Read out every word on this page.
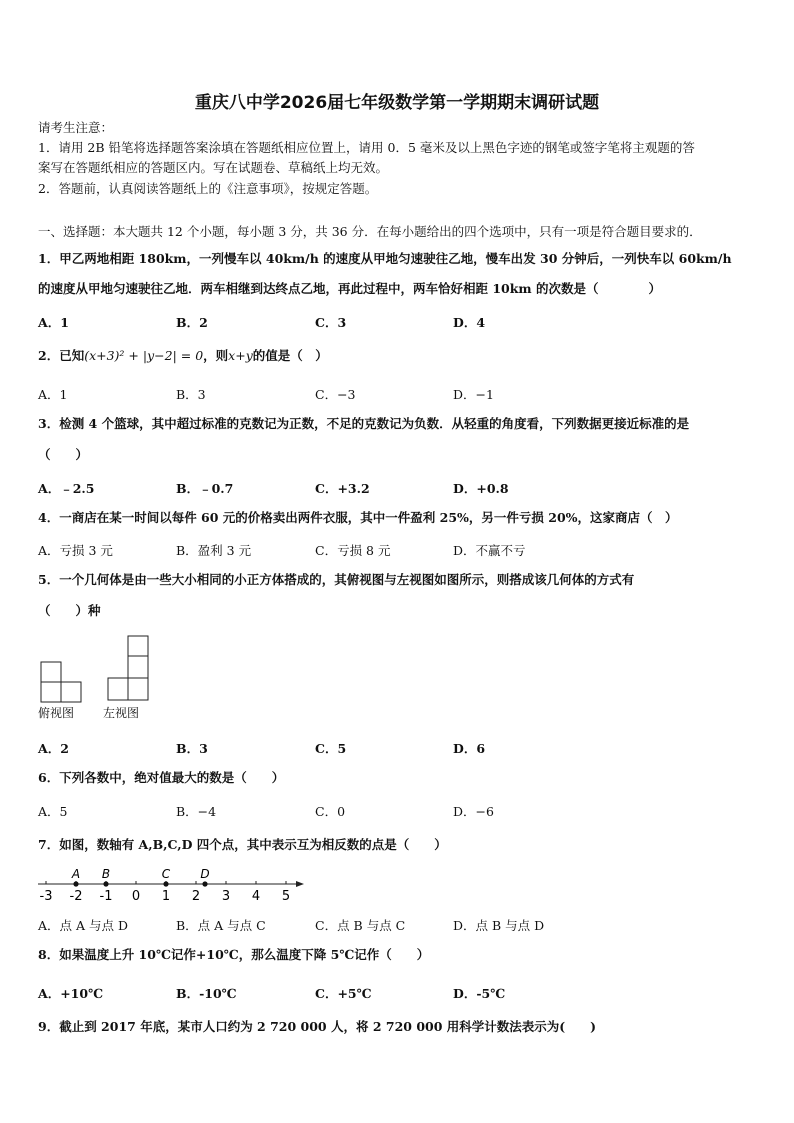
重庆八中学2026届七年级数学第一学期期末调研试题
请考生注意：
1．请用 2B 铅笔将选择题答案涂填在答题纸相应位置上，请用 0．5 毫米及以上黑色字迹的钢笔或签字笔将主观题的答
案写在答题纸相应的答题区内。写在试题卷、草稿纸上均无效。
2．答题前，认真阅读答题纸上的《注意事项》，按规定答题。
一、选择题：本大题共 12 个小题，每小题 3 分，共 36 分．在每小题给出的四个选项中，只有一项是符合题目要求的．
1．甲乙两地相距 180km，一列慢车以 40km/h 的速度从甲地匀速驶往乙地，慢车出发 30 分钟后，一列快车以 60km/h
的速度从甲地匀速驶往乙地．两车相继到达终点乙地，再此过程中，两车恰好相距 10km 的次数是（　　　　）
A．1	B．2	C．3	D．4
2．已知(x+3)² + |y−2| = 0，则x+y的值是（　）
A．1	B．3	C．−3	D．−1
3．检测 4 个篮球，其中超过标准的克数记为正数，不足的克数记为负数．从轻重的角度看，下列数据更接近标准的是
（　　）
A．﹣2.5	B．﹣0.7	C．+3.2	D．+0.8
4．一商店在某一时间以每件 60 元的价格卖出两件衣服，其中一件盈利 25%，另一件亏损 20%，这家商店（　）
A．亏损 3 元	B．盈利 3 元	C．亏损 8 元	D．不赢不亏
5．一个几何体是由一些大小相同的小正方体搭成的，其俯视图与左视图如图所示，则搭成该几何体的方式有
（　　）种
俯视图 左视图
A．2	B．3	C．5	D．6
6．下列各数中，绝对值最大的数是（　　）
A．5	B．−4	C．0	D．−6
7．如图，数轴有 A,B,C,D 四个点，其中表示互为相反数的点是（　　）
-3 -2 -1 0 1 2 3 4 5
A B	C	D
A．点 A 与点 D	B．点 A 与点 C	C．点 B 与点 C	D．点 B 与点 D
8．如果温度上升 10℃记作+10℃，那么温度下降 5℃记作（　　）
A．+10℃	B．-10℃	C．+5℃	D．-5℃
9．截止到 2017 年底，某市人口约为 2 720 000 人，将 2 720 000 用科学计数法表示为(　　)
